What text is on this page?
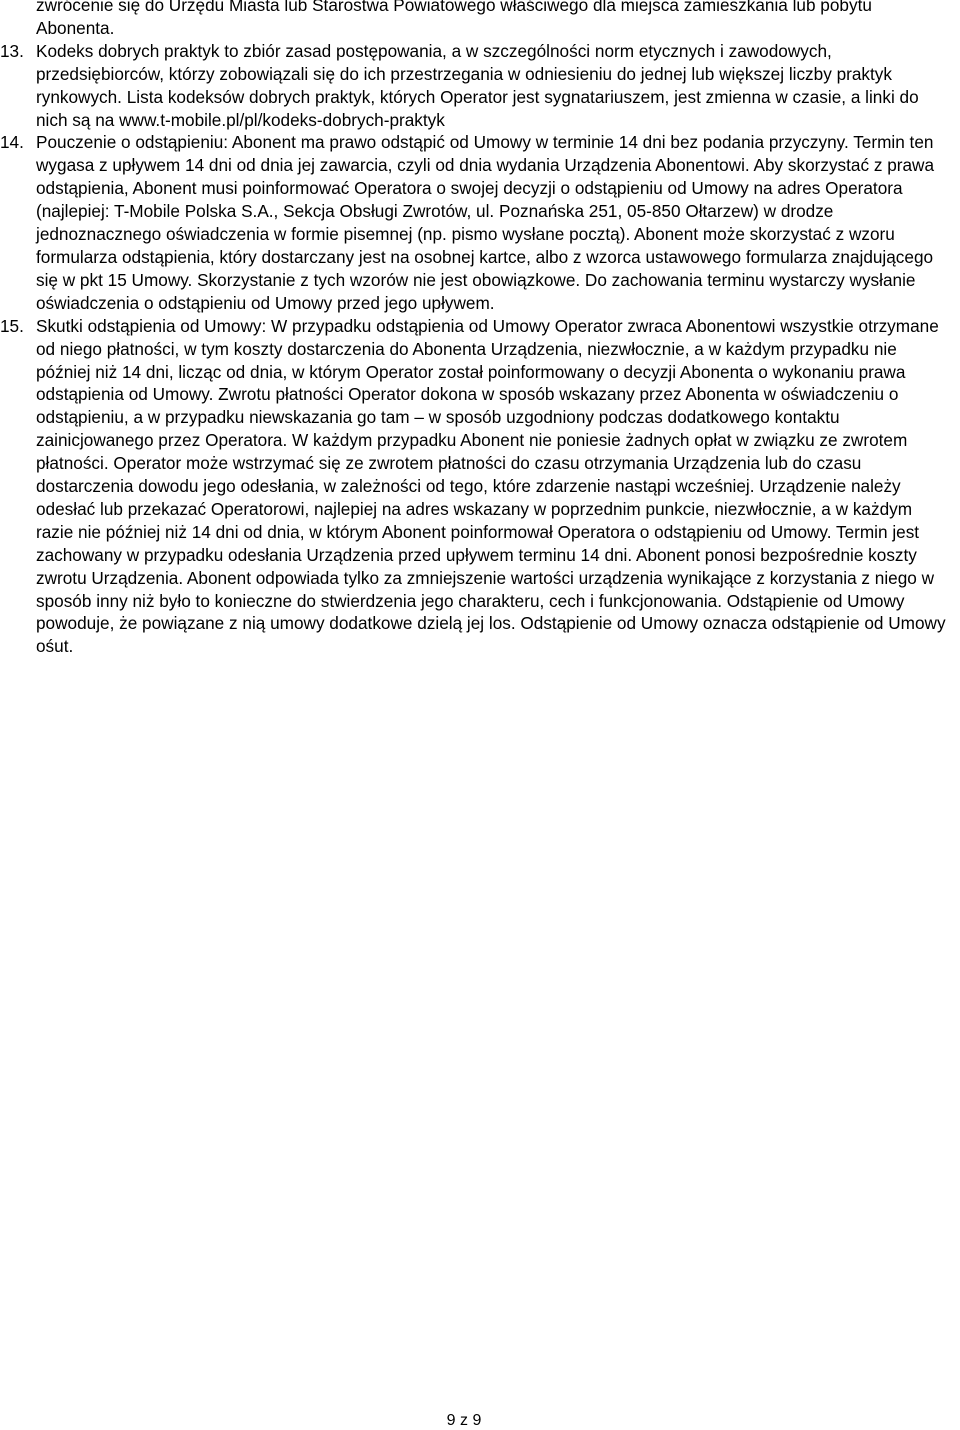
zwrócenie się do Urzędu Miasta lub Starostwa Powiatowego właściwego dla miejsca zamieszkania lub pobytu Abonenta.

13. Kodeks dobrych praktyk to zbiór zasad postępowania, a w szczególności norm etycznych i zawodowych, przedsiębiorców, którzy zobowiązali się do ich przestrzegania w odniesieniu do jednej lub większej liczby praktyk rynkowych. Lista kodeksów dobrych praktyk, których Operator jest sygnatariuszem, jest zmienna w czasie, a linki do nich są na www.t-mobile.pl/pl/kodeks-dobrych-praktyk
14. Pouczenie o odstąpieniu: Abonent ma prawo odstąpić od Umowy w terminie 14 dni bez podania przyczyny. Termin ten wygasa z upływem 14 dni od dnia jej zawarcia, czyli od dnia wydania Urządzenia Abonentowi. Aby skorzystać z prawa odstąpienia, Abonent musi poinformować Operatora o swojej decyzji o odstąpieniu od Umowy na adres Operatora (najlepiej: T-Mobile Polska S.A., Sekcja Obsługi Zwrotów, ul. Poznańska 251, 05-850 Ołtarzew) w drodze jednoznacznego oświadczenia w formie pisemnej (np. pismo wysłane pocztą). Abonent może skorzystać z wzoru formularza odstąpienia, który dostarczany jest na osobnej kartce, albo z wzorca ustawowego formularza znajdującego się w pkt 15 Umowy. Skorzystanie z tych wzorów nie jest obowiązkowe. Do zachowania terminu wystarczy wysłanie oświadczenia o odstąpieniu od Umowy przed jego upływem.
15. Skutki odstąpienia od Umowy: W przypadku odstąpienia od Umowy Operator zwraca Abonentowi wszystkie otrzymane od niego płatności, w tym koszty dostarczenia do Abonenta Urządzenia, niezwłocznie, a w każdym przypadku nie później niż 14 dni, licząc od dnia, w którym Operator został poinformowany o decyzji Abonenta o wykonaniu prawa odstąpienia od Umowy. Zwrotu płatności Operator dokona w sposób wskazany przez Abonenta w oświadczeniu o odstąpieniu, a w przypadku niewskazania go tam – w sposób uzgodniony podczas dodatkowego kontaktu zainicjowanego przez Operatora. W każdym przypadku Abonent nie poniesie żadnych opłat w związku ze zwrotem płatności. Operator może wstrzymać się ze zwrotem płatności do czasu otrzymania Urządzenia lub do czasu dostarczenia dowodu jego odesłania, w zależności od tego, które zdarzenie nastąpi wcześniej. Urządzenie należy odesłać lub przekazać Operatorowi, najlepiej na adres wskazany w poprzednim punkcie, niezwłocznie, a w każdym razie nie później niż 14 dni od dnia, w którym Abonent poinformował Operatora o odstąpieniu od Umowy. Termin jest zachowany w przypadku odesłania Urządzenia przed upływem terminu 14 dni. Abonent ponosi bezpośrednie koszty zwrotu Urządzenia. Abonent odpowiada tylko za zmniejszenie wartości urządzenia wynikające z korzystania z niego w sposób inny niż było to konieczne do stwierdzenia jego charakteru, cech i funkcjonowania. Odstąpienie od Umowy powoduje, że powiązane z nią umowy dodatkowe dzielą jej los. Odstąpienie od Umowy oznacza odstąpienie od Umowy ośut.
9 z 9
